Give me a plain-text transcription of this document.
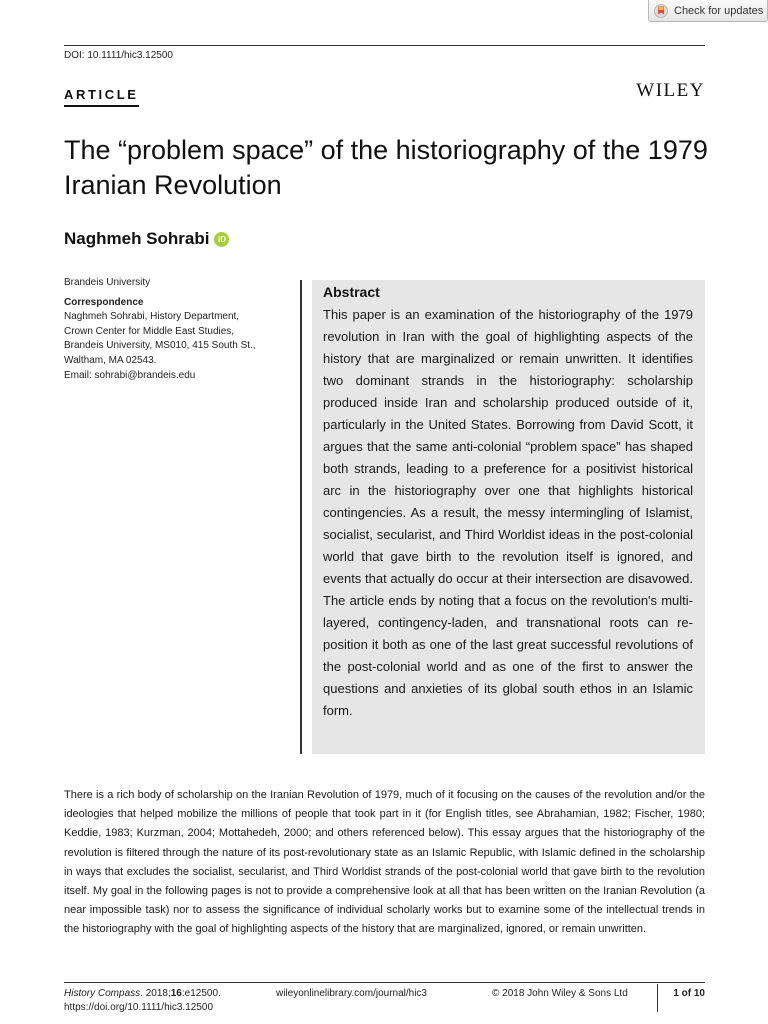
Check for updates
DOI: 10.1111/hic3.12500
ARTICLE	WILEY
The “problem space” of the historiography of the 1979 Iranian Revolution
Naghmeh Sohrabi	iD
Brandeis University
Correspondence
Naghmeh Sohrabi, History Department,
Crown Center for Middle East Studies,
Brandeis University, MS010, 415 South St.,
Waltham, MA 02543.
Email: sohrabi@brandeis.edu
Abstract

This paper is an examination of the historiography of the 1979 revolution in Iran with the goal of highlighting aspects of the history that are marginalized or remain unwritten. It identifies two dominant strands in the historiography: scholarship produced inside Iran and scholarship produced outside of it, particularly in the United States. Borrowing from David Scott, it argues that the same anti-colonial “problem space” has shaped both strands, leading to a preference for a positivist historical arc in the historiography over one that highlights historical contingencies. As a result, the messy intermingling of Islamist, socialist, secularist, and Third Worldist ideas in the post-colonial world that gave birth to the revolution itself is ignored, and events that actually do occur at their intersection are disavowed. The article ends by noting that a focus on the revolution's multi-layered, contingency-laden, and transnational roots can re-position it both as one of the last great successful revolutions of the post-colonial world and as one of the first to answer the questions and anxieties of its global south ethos in an Islamic form.

There is a rich body of scholarship on the Iranian Revolution of 1979, much of it focusing on the causes of the revolution and/or the ideologies that helped mobilize the millions of people that took part in it (for English titles, see Abrahamian, 1982; Fischer, 1980; Keddie, 1983; Kurzman, 2004; Mottahedeh, 2000; and others referenced below). This essay argues that the historiography of the revolution is filtered through the nature of its post-revolutionary state as an Islamic Republic, with Islamic defined in the scholarship in ways that excludes the socialist, secularist, and Third Worldist strands of the post-colonial world that gave birth to the revolution itself. My goal in the following pages is not to provide a comprehensive look at all that has been written on the Iranian Revolution (a near impossible task) nor to assess the significance of individual scholarly works but to examine some of the intellectual trends in the historiography with the goal of highlighting aspects of the history that are marginalized, ignored, or remain unwritten.

History Compass. 2018;16:e12500.
https://doi.org/10.1111/hic3.12500
wileyonlinelibrary.com/journal/hic3	© 2018 John Wiley & Sons Ltd	1 of 10
